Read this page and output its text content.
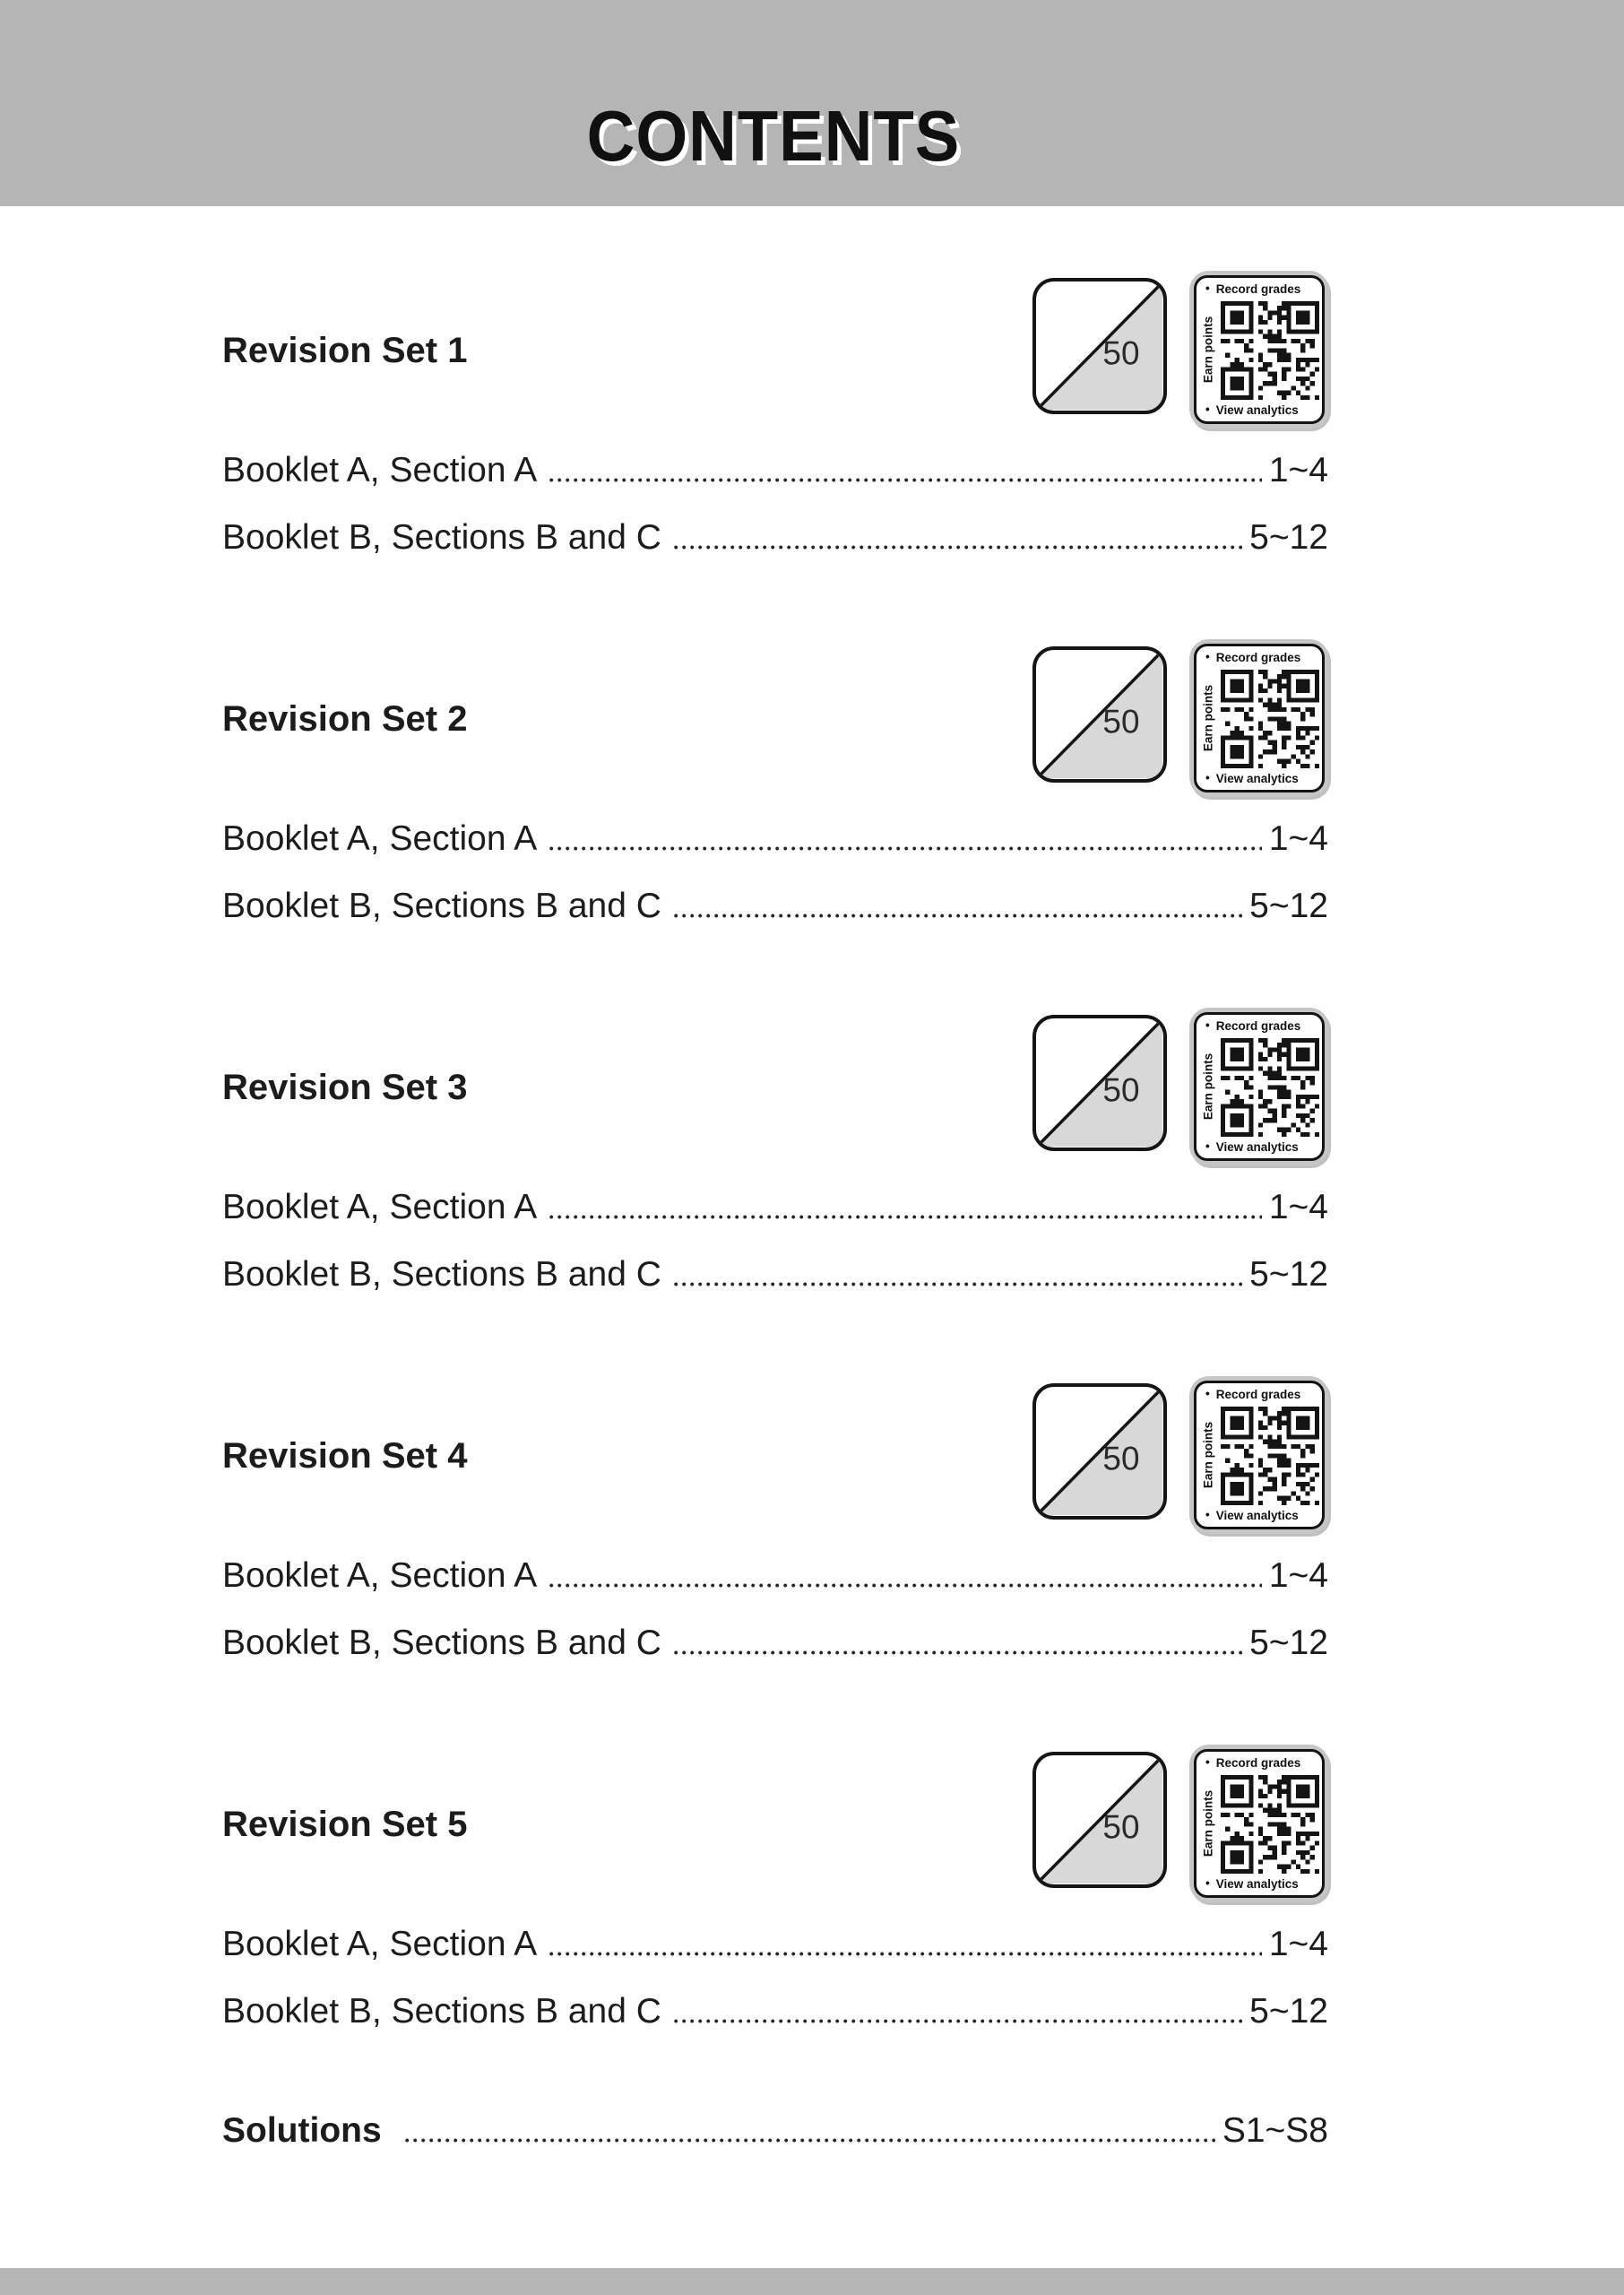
CONTENTS
Revision Set 1	50
• Record grades
Earn points
• View analytics
Booklet A, Section A	1~4
Booklet B, Sections B and C	5~12
Revision Set 2	50
• Record grades
Earn points
• View analytics
Booklet A, Section A	1~4
Booklet B, Sections B and C	5~12
Revision Set 3	50
• Record grades
Earn points
• View analytics
Booklet A, Section A	1~4
Booklet B, Sections B and C	5~12
Revision Set 4	50
• Record grades
Earn points
• View analytics
Booklet A, Section A	1~4
Booklet B, Sections B and C	5~12
Revision Set 5	50
• Record grades
Earn points
• View analytics
Booklet A, Section A	1~4
Booklet B, Sections B and C	5~12
Solutions	S1~S8
